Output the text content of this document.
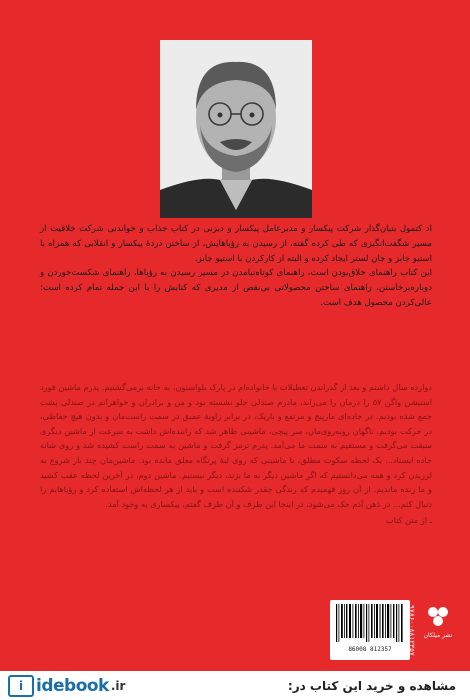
اد کتمول بنیان‌گذار شرکت پیکسار و مدیرعامل پیکسار و دیزنی در کتاب جذاب و خواندنی شرکت خلاقیت از مسیر شگفت‌انگیزی که طی کرده گفته، از رسیدن به رؤیاهایش، از ساختن دردهٔ پیکسار و انقلابی که همراه با استیو جابز و جان لستر ایجاد کرده و البته از کارکردن با استیو جابز.

این کتاب راهنمای خلاق‌بودن است، راهنمای کوتاه‌نیامدن در مسیر رسیدن به رؤیاها، راهنمای شکست‌خوردن و دوباره‌برخاستن، راهنمای ساختن محصولاتی بی‌نقص از مدیری که کتابش را با این جمله تمام کرده است: عالی‌کردن محصول هدف است.

دوازده سال داشتم و بعد از گذراندن تعطیلات با خانواده‌ام در پارک یلواستون، به خانه برمی‌گشتیم. پدرم ماشین فورد استیشن واگن ۵۷ را درمان را می‌راند، مادرم صندلی جلو نشسته بود و من و برادران و خواهرانم در صندلی پشت جمع شده بودیم. در جاده‌ای مارپیچ و مرتفع و باریک، در برابر زاویهٔ عمیق در سمت راست‌مان و بدون هیچ حفاظی، در حرکت بودیم. ناگهان روبه‌روی‌مان، سر پیچی، ماشینی ظاهر شد که راننده‌اش داشت به سرعت از ماشین دیگری سبقت می‌گرفت و مستقیم به سمت ما می‌آمد. پدرم ترمز گرفت و ماشین به سمت راست کشیده شد و روی شانه جاده ایستاد... یک لحظه سکوت مطلق، با ماشینی که روی لبهٔ پرتگاه معلق مانده بود. ماشین‌مان چند بار شروع به لرزیدن کرد و همه می‌دانستیم که اگر ماشین دیگر به ما بزند، دیگر نیستیم. ماشین دوم، در آخرین لحظه عقب کشید و ما زنده ماندیم. از آن روز فهمیدم که زندگی چقدر شکننده است و باید از هر لحظه‌اش استفاده کرد و رؤیاهایم را دنبال کنم... در ذهن آدم حک می‌شود، در اینجا این طرف و آن طرف گفتم، پیکساری به وجود آمد.

ـ از متن کتاب

86008 812357	۹۷۸۶۰۰۸۸۱۲۳۵۷ نشر میلکان
i idebook .ir	مشاهده و خرید این کتاب در:
